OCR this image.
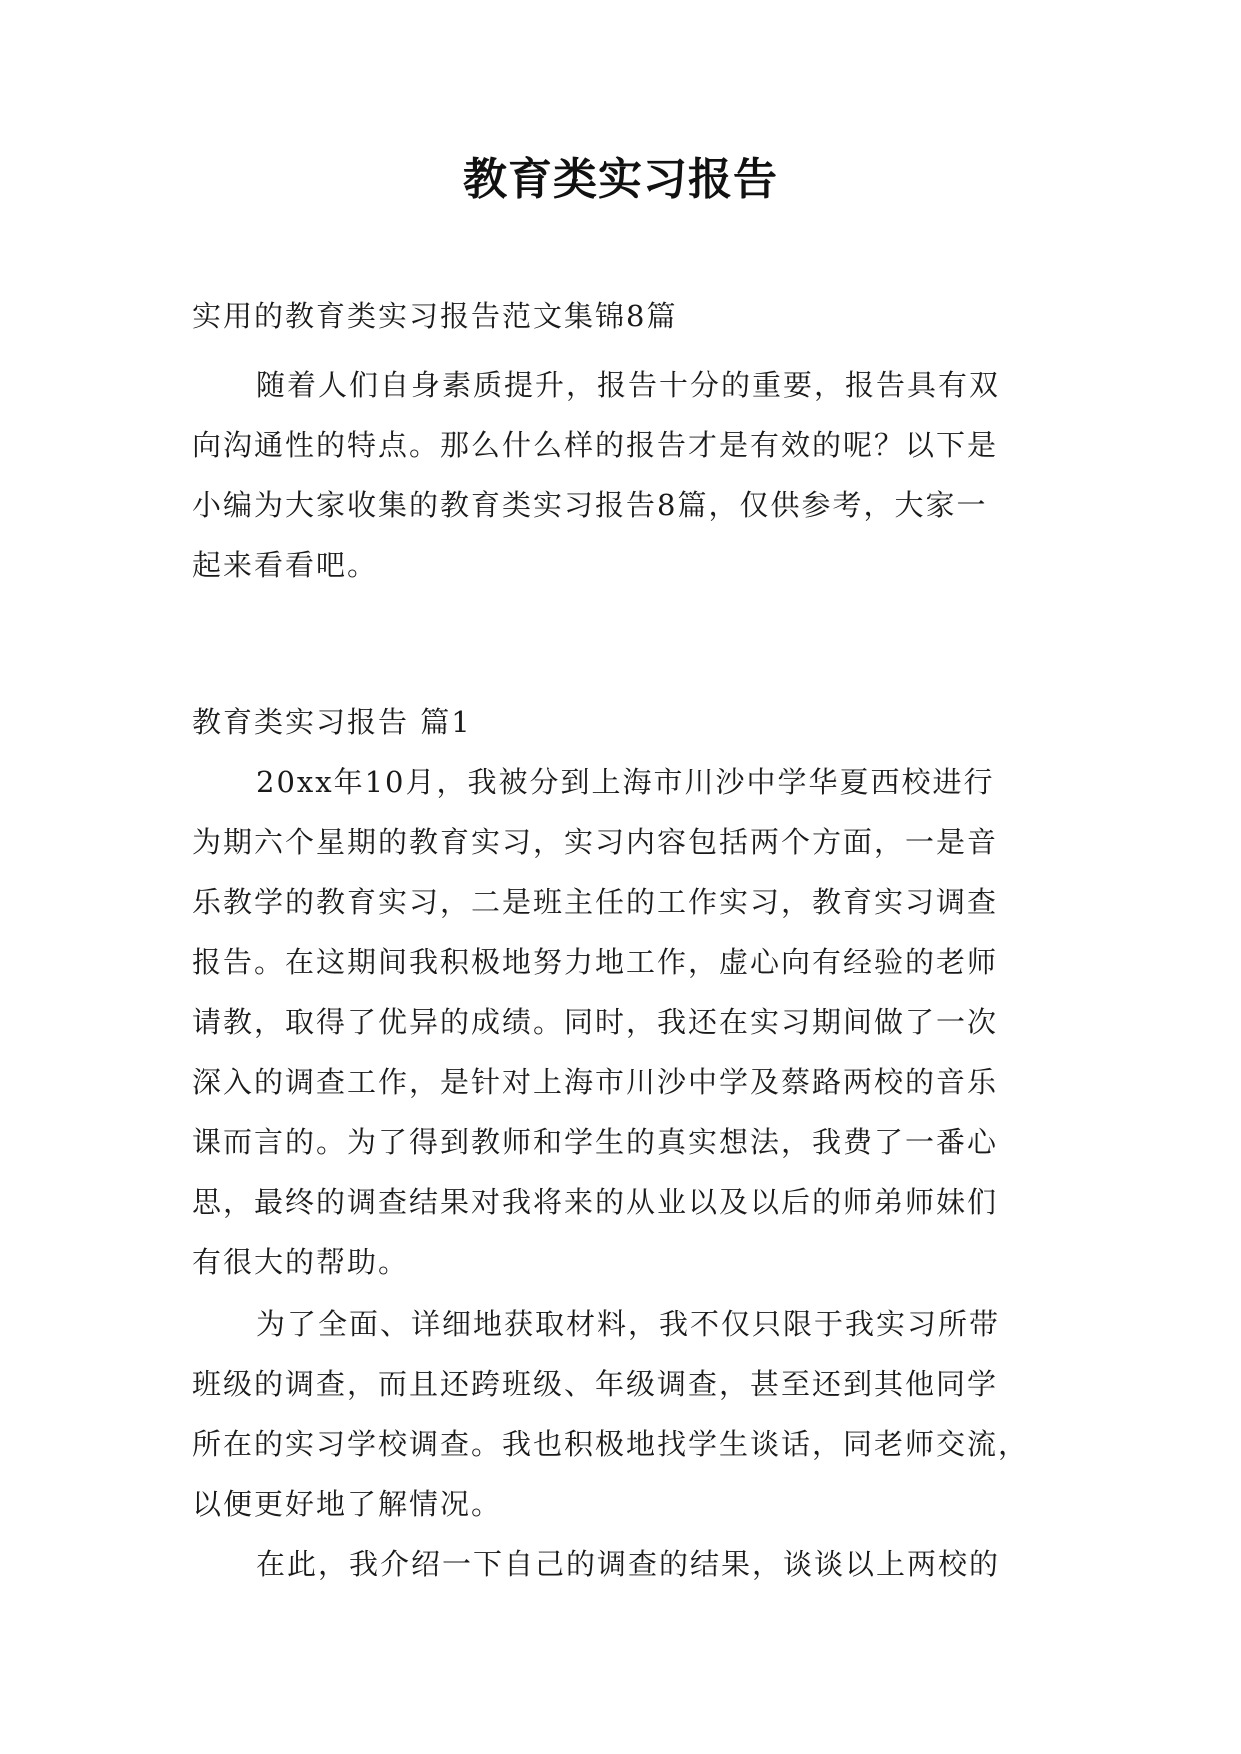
教育类实习报告
实用的教育类实习报告范文集锦8篇
随着人们自身素质提升，报告十分的重要，报告具有双
向沟通性的特点。那么什么样的报告才是有效的呢？以下是
小编为大家收集的教育类实习报告8篇，仅供参考，大家一
起来看看吧。
教育类实习报告 篇1
20xx年10月，我被分到上海市川沙中学华夏西校进行
为期六个星期的教育实习，实习内容包括两个方面，一是音
乐教学的教育实习，二是班主任的工作实习，教育实习调查
报告。在这期间我积极地努力地工作，虚心向有经验的老师
请教，取得了优异的成绩。同时，我还在实习期间做了一次
深入的调查工作，是针对上海市川沙中学及蔡路两校的音乐
课而言的。为了得到教师和学生的真实想法，我费了一番心
思，最终的调查结果对我将来的从业以及以后的师弟师妹们
有很大的帮助。
为了全面、详细地获取材料，我不仅只限于我实习所带
班级的调查，而且还跨班级、年级调查，甚至还到其他同学
所在的实习学校调查。我也积极地找学生谈话，同老师交流，
以便更好地了解情况。
在此，我介绍一下自己的调查的结果，谈谈以上两校的
